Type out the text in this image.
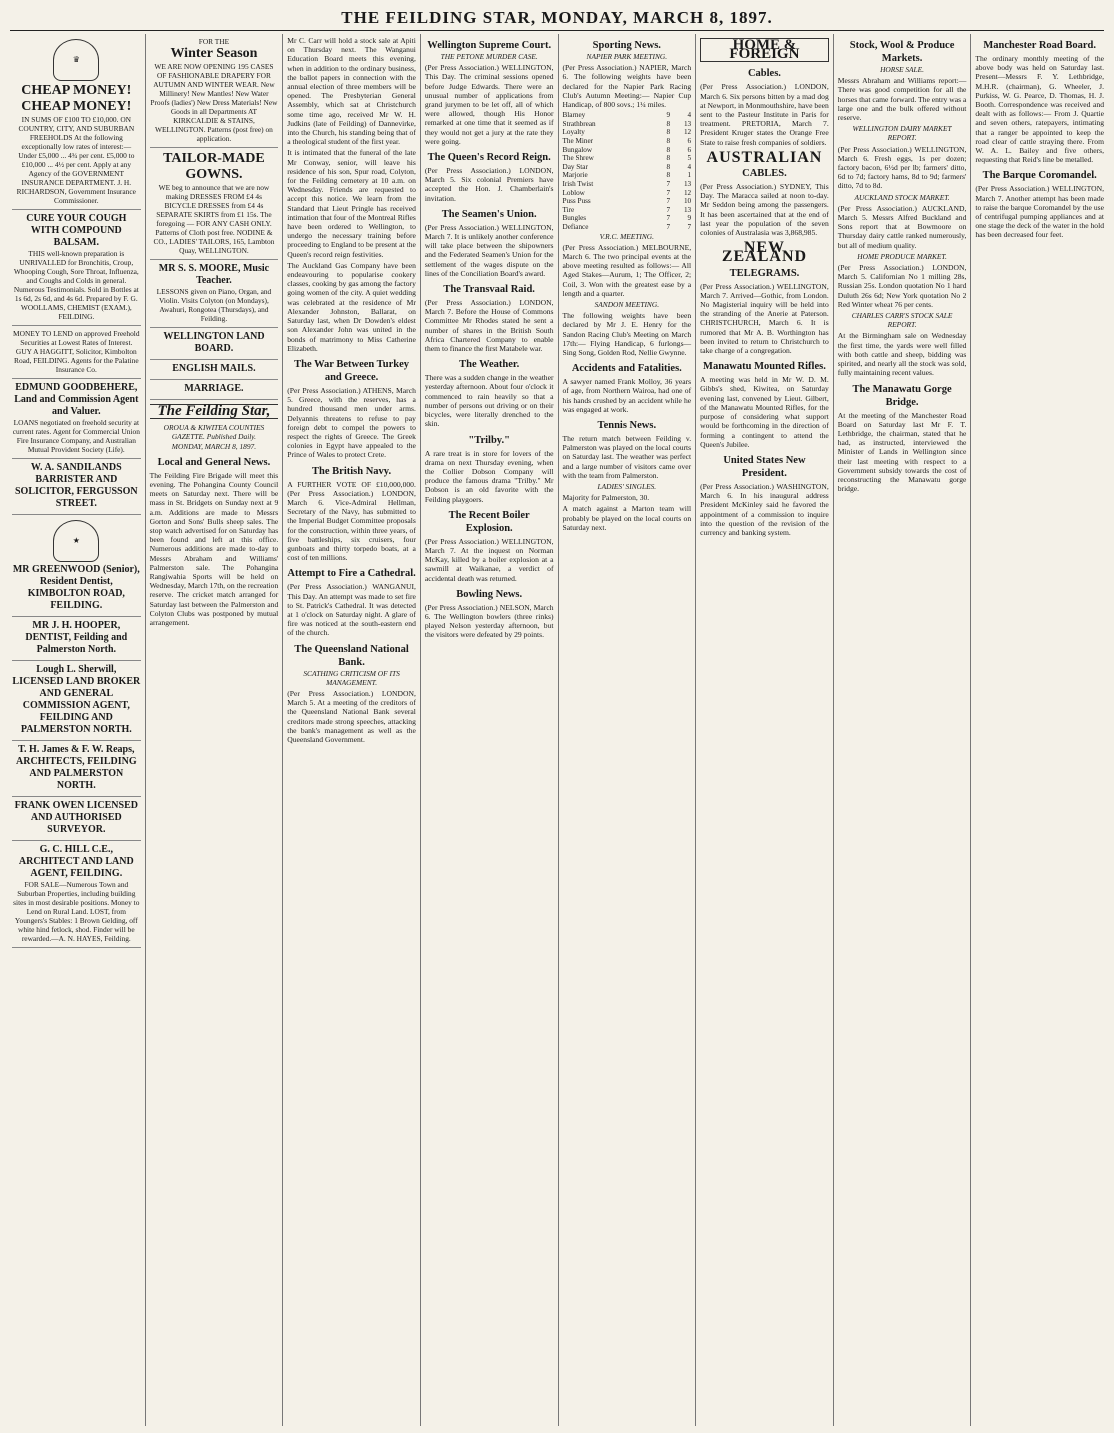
THE FEILDING STAR, MONDAY, MARCH 8, 1897.
♛
CHEAP MONEY! CHEAP MONEY!
IN SUMS OF £100 TO £10,000. ON COUNTRY, CITY, AND SUBURBAN FREEHOLDS At the following exceptionally low rates of interest:— Under £5,000 ... 4¾ per cent. £5,000 to £10,000 ... 4½ per cent. Apply at any Agency of the GOVERNMENT INSURANCE DEPARTMENT. J. H. RICHARDSON, Government Insurance Commissioner.
CURE YOUR COUGH WITH COMPOUND BALSAM.
THIS well-known preparation is UNRIVALLED for Bronchitis, Croup, Whooping Cough, Sore Throat, Influenza, and Coughs and Colds in general. Numerous Testimonials. Sold in Bottles at 1s 6d, 2s 6d, and 4s 6d. Prepared by F. G. WOOLLAMS, CHEMIST (EXAM.), FEILDING.
MONEY TO LEND on approved Freehold Securities at Lowest Rates of Interest. GUY A HAGGITT, Solicitor, Kimbolton Road, FEILDING. Agents for the Palatine Insurance Co.
EDMUND GOODBEHERE, Land and Commission Agent and Valuer.
LOANS negotiated on freehold security at current rates. Agent for Commercial Union Fire Insurance Company, and Australian Mutual Provident Society (Life).
W. A. SANDILANDS BARRISTER AND SOLICITOR, FERGUSSON STREET.
★
MR GREENWOOD (Senior), Resident Dentist, KIMBOLTON ROAD, FEILDING.
MR J. H. HOOPER, DENTIST, Feilding and Palmerston North.
Lough L. Sherwill, LICENSED LAND BROKER AND GENERAL COMMISSION AGENT, FEILDING AND PALMERSTON NORTH.
T. H. James & F. W. Reaps, ARCHITECTS, FEILDING AND PALMERSTON NORTH.
FRANK OWEN LICENSED AND AUTHORISED SURVEYOR.
G. C. HILL C.E., ARCHITECT AND LAND AGENT, FEILDING.
FOR SALE—Numerous Town and Suburban Properties, including building sites in most desirable positions. Money to Lend on Rural Land. LOST, from Youngers's Stables: 1 Brown Gelding, off white hind fetlock, shod. Finder will be rewarded.—A. N. HAYES, Feilding.
FOR THE
Winter Season
WE ARE NOW OPENING 195 CASES OF FASHIONABLE DRAPERY FOR AUTUMN AND WINTER WEAR. New Millinery! New Mantles! New Water Proofs (ladies') New Dress Materials! New Goods in all Departments AT KIRKCALDIE & STAINS, WELLINGTON. Patterns (post free) on application.
TAILOR-MADE GOWNS.
WE beg to announce that we are now making DRESSES FROM £4 4s BICYCLE DRESSES from £4 4s SEPARATE SKIRTS from £1 15s. The foregoing — FOR ANY CASH ONLY. Patterns of Cloth post free. NODINE & CO., LADIES' TAILORS, 165, Lambton Quay, WELLINGTON.
MR S. S. MOORE, Music Teacher.
LESSONS given on Piano, Organ, and Violin. Visits Colyton (on Mondays), Awahuri, Rongotea (Thursdays), and Feilding.
WELLINGTON LAND BOARD.
ENGLISH MAILS.
MARRIAGE.
The Feilding Star,
OROUA & KIWITEA COUNTIES GAZETTE. Published Daily.
MONDAY, MARCH 8, 1897.
Local and General News.
The Feilding Fire Brigade will meet this evening. The Pohangina County Council meets on Saturday next. There will be mass in St. Bridgets on Sunday next at 9 a.m. Additions are made to Messrs Gorton and Sons' Bulls sheep sales. The stop watch advertised for on Saturday has been found and left at this office. Numerous additions are made to-day to Messrs Abraham and Williams' Palmerston sale. The Pohangina Rangiwahia Sports will be held on Wednesday, March 17th, on the recreation reserve. The cricket match arranged for Saturday last between the Palmerston and Colyton Clubs was postponed by mutual arrangement.
Mr C. Carr will hold a stock sale at Apiti on Thursday next. The Wanganui Education Board meets this evening, when in addition to the ordinary business, the ballot papers in connection with the annual election of three members will be opened. The Presbyterian General Assembly, which sat at Christchurch some time ago, received Mr W. H. Judkins (late of Feilding) of Dannevirke, into the Church, his standing being that of a theological student of the first year.
It is intimated that the funeral of the late Mr Conway, senior, will leave his residence of his son, Spur road, Colyton, for the Feilding cemetery at 10 a.m. on Wednesday. Friends are requested to accept this notice. We learn from the Standard that Lieut Pringle has received intimation that four of the Montreal Rifles have been ordered to Wellington, to undergo the necessary training before proceeding to England to be present at the Queen's record reign festivities.
The Auckland Gas Company have been endeavouring to popularise cookery classes, cooking by gas among the factory going women of the city. A quiet wedding was celebrated at the residence of Mr Alexander Johnston, Ballarat, on Saturday last, when Dr Dowden's eldest son Alexander John was united in the bonds of matrimony to Miss Catherine Elizabeth.
The War Between Turkey and Greece.
(Per Press Association.) ATHENS, March 5. Greece, with the reserves, has a hundred thousand men under arms. Delyannis threatens to refuse to pay foreign debt to compel the powers to respect the rights of Greece. The Greek colonies in Egypt have appealed to the Prince of Wales to protect Crete.
The British Navy.
A FURTHER VOTE OF £10,000,000. (Per Press Association.) LONDON, March 6. Vice-Admiral Hellman, Secretary of the Navy, has submitted to the Imperial Budget Committee proposals for the construction, within three years, of five battleships, six cruisers, four gunboats and thirty torpedo boats, at a cost of ten millions.
Attempt to Fire a Cathedral.
(Per Press Association.) WANGANUI, This Day. An attempt was made to set fire to St. Patrick's Cathedral. It was detected at 1 o'clock on Saturday night. A glare of fire was noticed at the south-eastern end of the church.
The Queensland National Bank.
SCATHING CRITICISM OF ITS MANAGEMENT.
(Per Press Association.) LONDON, March 5. At a meeting of the creditors of the Queensland National Bank several creditors made strong speeches, attacking the bank's management as well as the Queensland Government.
Wellington Supreme Court.
THE PETONE MURDER CASE.
(Per Press Association.) WELLINGTON, This Day. The criminal sessions opened before Judge Edwards. There were an unusual number of applications from grand jurymen to be let off, all of which were allowed, though His Honor remarked at one time that it seemed as if they would not get a jury at the rate they were going.
The Queen's Record Reign.
(Per Press Association.) LONDON, March 5. Six colonial Premiers have accepted the Hon. J. Chamberlain's invitation.
The Seamen's Union.
(Per Press Association.) WELLINGTON, March 7. It is unlikely another conference will take place between the shipowners and the Federated Seamen's Union for the settlement of the wages dispute on the lines of the Conciliation Board's award.
The Transvaal Raid.
(Per Press Association.) LONDON, March 7. Before the House of Commons Committee Mr Rhodes stated he sent a number of shares in the British South Africa Chartered Company to enable them to finance the first Matabele war.
The Weather.
There was a sudden change in the weather yesterday afternoon. About four o'clock it commenced to rain heavily so that a number of persons out driving or on their bicycles, were literally drenched to the skin.
"Trilby."
A rare treat is in store for lovers of the drama on next Thursday evening, when the Collier Dobson Company will produce the famous drama "Trilby." Mr Dobson is an old favorite with the Feilding playgoers.
The Recent Boiler Explosion.
(Per Press Association.) WELLINGTON, March 7. At the inquest on Norman McKay, killed by a boiler explosion at a sawmill at Waikanae, a verdict of accidental death was returned.
Bowling News.
(Per Press Association.) NELSON, March 6. The Wellington bowlers (three rinks) played Nelson yesterday afternoon, but the visitors were defeated by 29 points.
Sporting News.
NAPIER PARK MEETING.
(Per Press Association.) NAPIER, March 6. The following weights have been declared for the Napier Park Racing Club's Autumn Meeting:— Napier Cup Handicap, of 800 sovs.; 1¼ miles.
Blarney	9	4
Strathbrean	8	13
Loyalty	8	12
The Miner	8	6
Bungalow	8	6
The Shrew	8	5
Day Star	8	4
Marjorie	8	1
Irish Twist	7	13
Loblow	7	12
Puss Puss	7	10
Tire	7	13
Bungles	7	9
Defiance	7	7
V.R.C. MEETING.
(Per Press Association.) MELBOURNE, March 6. The two principal events at the above meeting resulted as follows:— All Aged Stakes—Aurum, 1; The Officer, 2; Coil, 3. Won with the greatest ease by a length and a quarter.
SANDON MEETING.
The following weights have been declared by Mr J. E. Henry for the Sandon Racing Club's Meeting on March 17th:— Flying Handicap, 6 furlongs—Sing Song, Golden Rod, Nellie Gwynne.
Accidents and Fatalities.
A sawyer named Frank Molloy, 36 years of age, from Northern Wairoa, had one of his hands crushed by an accident while he was engaged at work.
Tennis News.
The return match between Feilding v. Palmerston was played on the local courts on Saturday last. The weather was perfect and a large number of visitors came over with the team from Palmerston.
LADIES' SINGLES.
Majority for Palmerston, 30.
A match against a Marton team will probably be played on the local courts on Saturday next.
HOME & FOREIGN
Cables.
(Per Press Association.) LONDON, March 6. Six persons bitten by a mad dog at Newport, in Monmouthshire, have been sent to the Pasteur Institute in Paris for treatment. PRETORIA, March 7. President Kruger states the Orange Free State to raise fresh companies of soldiers.
AUSTRALIAN
CABLES.
(Per Press Association.) SYDNEY, This Day. The Maracca sailed at noon to-day. Mr Seddon being among the passengers. It has been ascertained that at the end of last year the population of the seven colonies of Australasia was 3,868,985.
NEW ZEALAND
TELEGRAMS.
(Per Press Association.) WELLINGTON, March 7. Arrived—Gothic, from London. No Magisterial inquiry will be held into the stranding of the Anerie at Paterson. CHRISTCHURCH, March 6. It is rumored that Mr A. B. Worthington has been invited to return to Christchurch to take charge of a congregation.
Manawatu Mounted Rifles.
A meeting was held in Mr W. D. M. Gibbs's shed, Kiwitea, on Saturday evening last, convened by Lieut. Gilbert, of the Manawatu Mounted Rifles, for the purpose of considering what support would be forthcoming in the direction of forming a contingent to attend the Queen's Jubilee.
United States New President.
(Per Press Association.) WASHINGTON, March 6. In his inaugural address President McKinley said he favored the appointment of a commission to inquire into the question of the revision of the currency and banking system.
Stock, Wool & Produce Markets.
HORSE SALE.
Messrs Abraham and Williams report:—There was good competition for all the horses that came forward. The entry was a large one and the bulk offered without reserve.
WELLINGTON DAIRY MARKET REPORT.
(Per Press Association.) WELLINGTON, March 6. Fresh eggs, 1s per dozen; factory bacon, 6½d per lb; farmers' ditto, 6d to 7d; factory hams, 8d to 9d; farmers' ditto, 7d to 8d.
AUCKLAND STOCK MARKET.
(Per Press Association.) AUCKLAND, March 5. Messrs Alfred Buckland and Sons report that at Bowmoore on Thursday dairy cattle ranked numerously, but all of medium quality.
HOME PRODUCE MARKET.
(Per Press Association.) LONDON, March 5. Californian No 1 milling 28s, Russian 25s. London quotation No 1 hard Duluth 26s 6d; New York quotation No 2 Red Winter wheat 76 per cents.
CHARLES CARR'S STOCK SALE REPORT.
At the Birmingham sale on Wednesday the first time, the yards were well filled with both cattle and sheep, bidding was spirited, and nearly all the stock was sold, fully maintaining recent values.
The Manawatu Gorge Bridge.
At the meeting of the Manchester Road Board on Saturday last Mr F. T. Lethbridge, the chairman, stated that he had, as instructed, interviewed the Minister of Lands in Wellington since their last meeting with respect to a Government subsidy towards the cost of reconstructing the Manawatu gorge bridge.
Manchester Road Board.
The ordinary monthly meeting of the above body was held on Saturday last. Present—Messrs F. Y. Lethbridge, M.H.R. (chairman), G. Wheeler, J. Purkiss, W. G. Pearce, D. Thomas, H. J. Booth. Correspondence was received and dealt with as follows:— From J. Quartie and seven others, ratepayers, intimating that a ranger be appointed to keep the road clear of cattle straying there. From W. A. L. Bailey and five others, requesting that Reid's line be metalled.
The Barque Coromandel.
(Per Press Association.) WELLINGTON, March 7. Another attempt has been made to raise the barque Coromandel by the use of centrifugal pumping appliances and at one stage the deck of the water in the hold has been decreased four feet.
